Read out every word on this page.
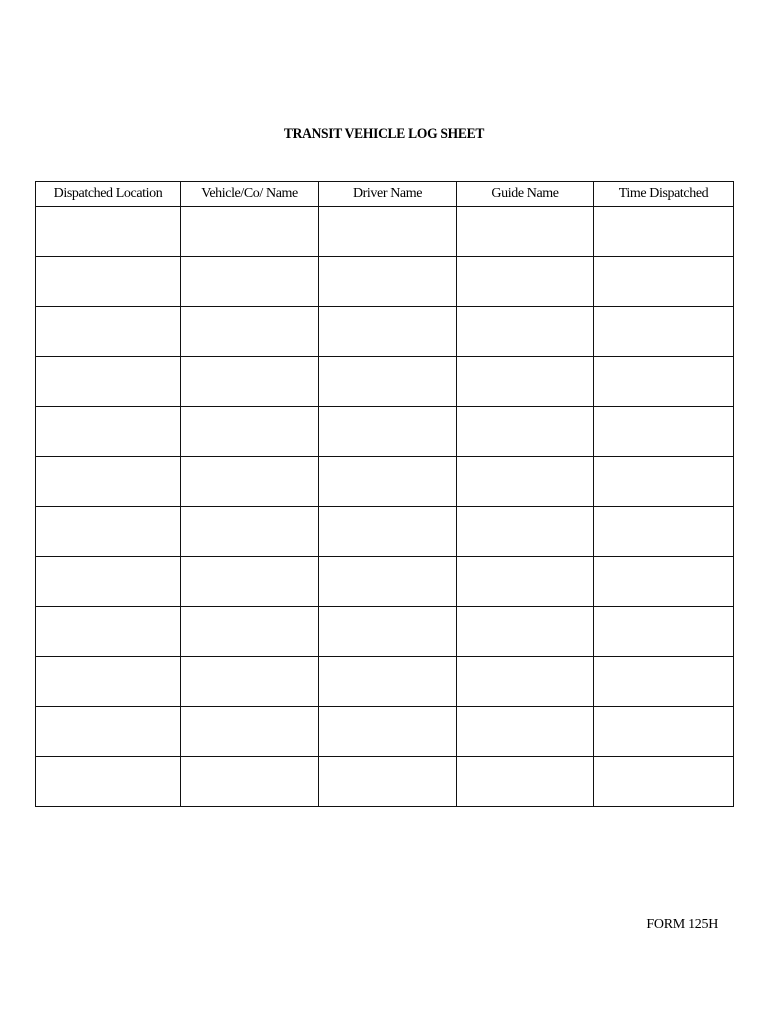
TRANSIT VEHICLE LOG SHEET
Dispatched Location	Vehicle/Co/ Name	Driver Name	Guide Name	Time Dispatched

FORM 125H
